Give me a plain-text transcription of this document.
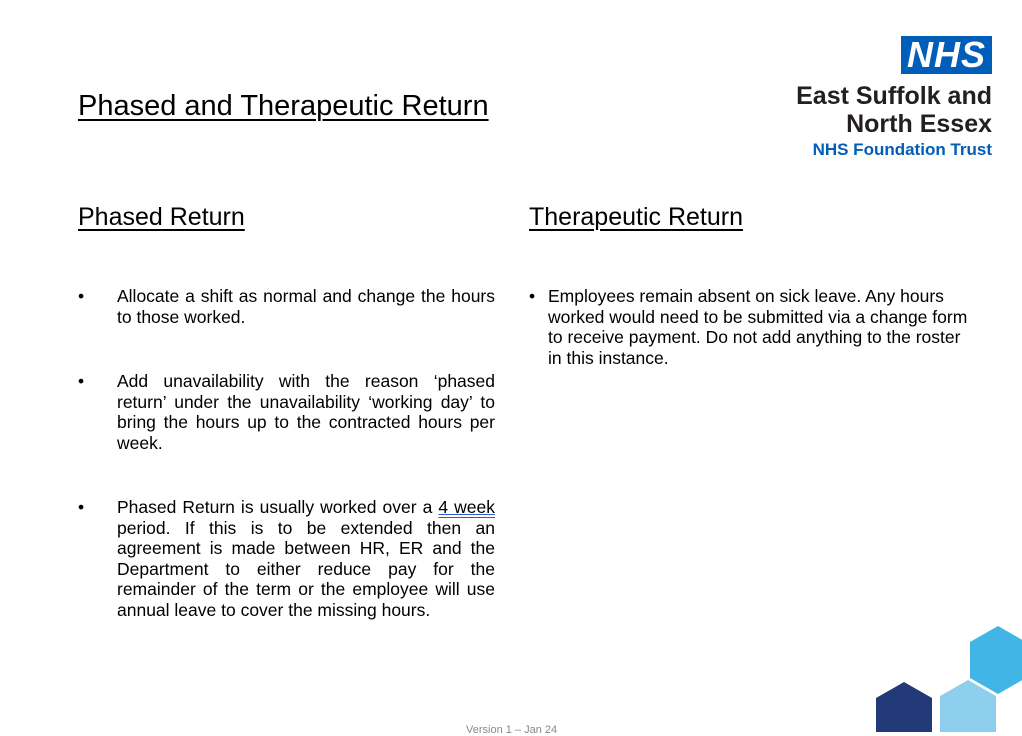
Phased and Therapeutic Return
NHS
East Suffolk and
North Essex
NHS Foundation Trust
Phased Return	Therapeutic Return
• Allocate a shift as normal and change the hours to those worked.
• Add unavailability with the reason ‘phased return’ under the unavailability ‘working day’ to bring the hours up to the contracted hours per week.
• Phased Return is usually worked over a 4 week period. If this is to be extended then an agreement is made between HR, ER and the Department to either reduce pay for the remainder of the term or the employee will use annual leave to cover the missing hours.
• Employees remain absent on sick leave. Any hours worked would need to be submitted via a change form to receive payment. Do not add anything to the roster in this instance.
Version 1 – Jan 24
